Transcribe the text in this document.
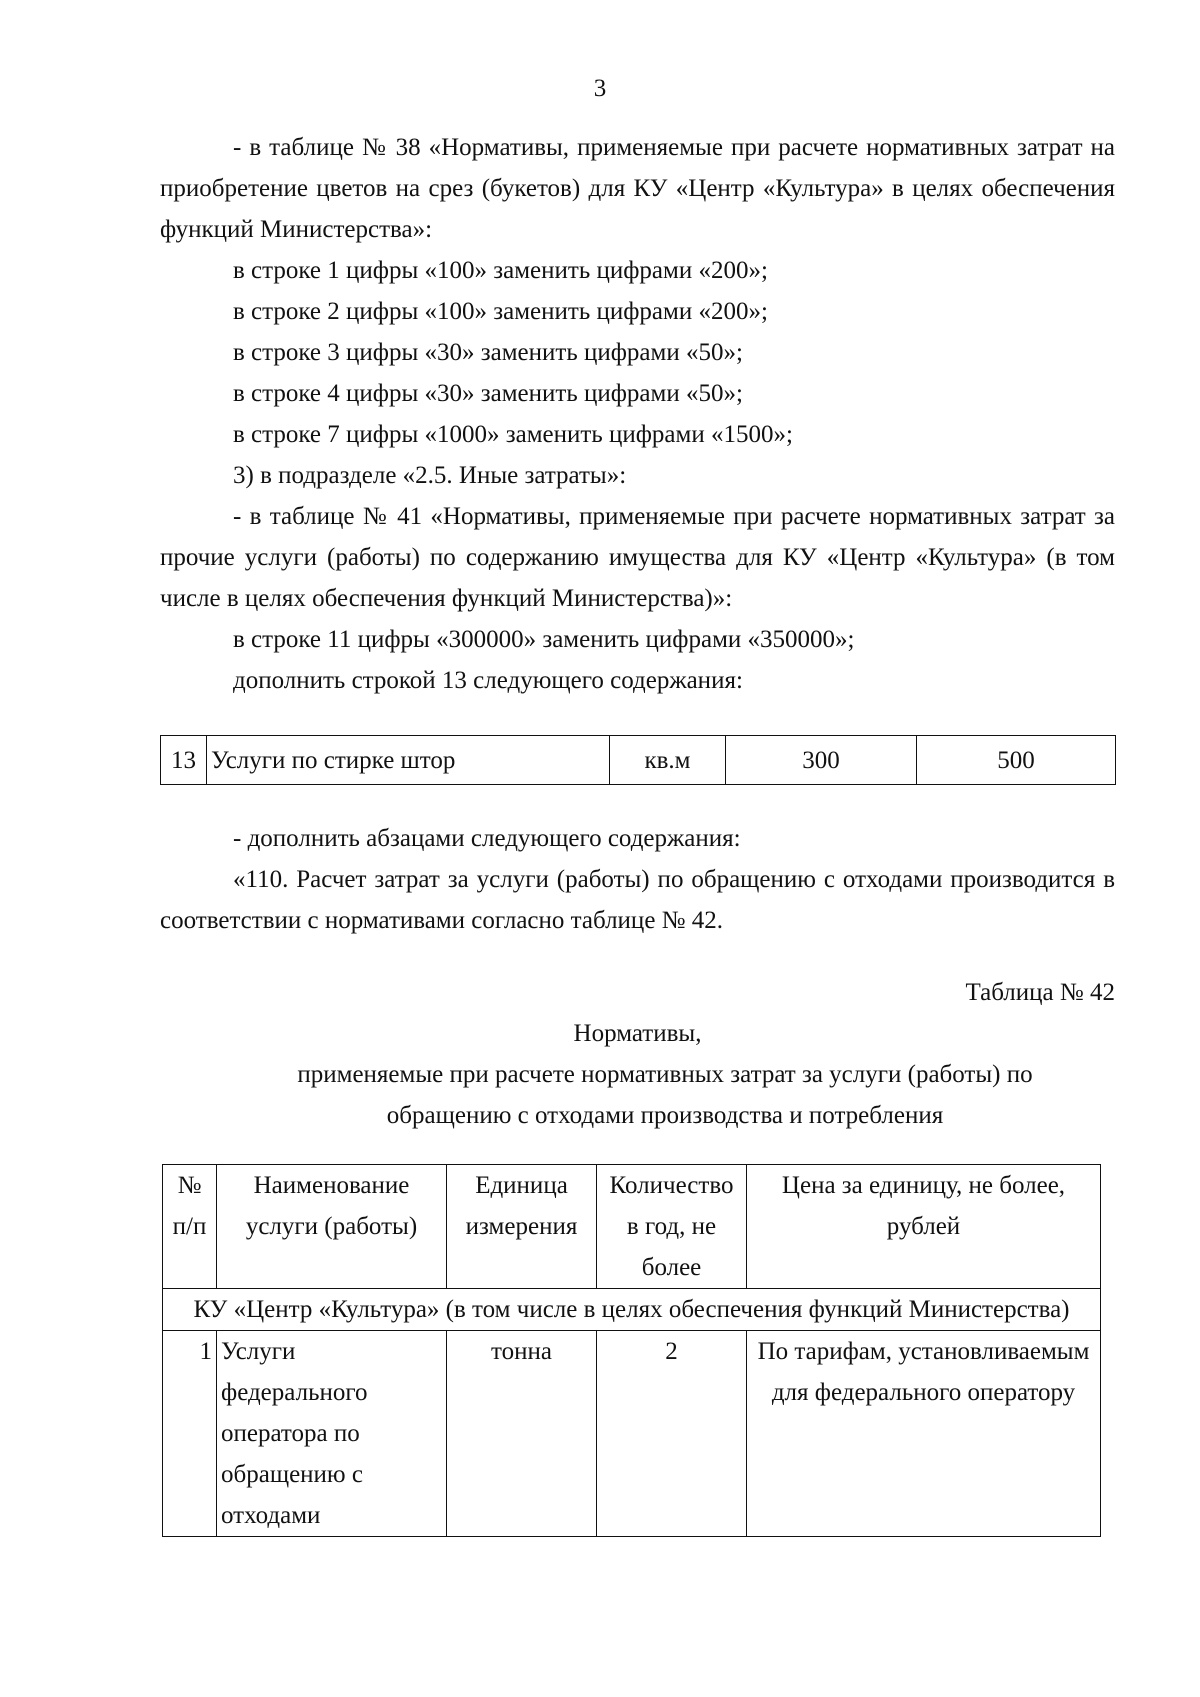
3

- в таблице № 38 «Нормативы, применяемые при расчете нормативных затрат на приобретение цветов на срез (букетов) для КУ «Центр «Культура» в целях обеспечения функций Министерства»:

в строке 1 цифры «100» заменить цифрами «200»;

в строке 2 цифры «100» заменить цифрами «200»;

в строке 3 цифры «30» заменить цифрами «50»;

в строке 4 цифры «30» заменить цифрами «50»;

в строке 7 цифры «1000» заменить цифрами «1500»;

3) в подразделе «2.5. Иные затраты»:

- в таблице № 41 «Нормативы, применяемые при расчете нормативных затрат за прочие услуги (работы) по содержанию имущества для КУ «Центр «Культура» (в том числе в целях обеспечения функций Министерства)»:

в строке 11 цифры «300000» заменить цифрами «350000»;

дополнить строкой 13 следующего содержания:

13	Услуги по стирке штор	кв.м	300	500

- дополнить абзацами следующего содержания:

«110. Расчет затрат за услуги (работы) по обращению с отходами производится в соответствии с нормативами согласно таблице № 42.

Таблица № 42
Нормативы,
применяемые при расчете нормативных затрат за услуги (работы) по обращению с отходами производства и потребления
№ п/п	Наименование услуги (работы)	Единица измерения	Количество в год, не более	Цена за единицу, не более, рублей
КУ «Центр «Культура» (в том числе в целях обеспечения функций Министерства)				
1	Услуги федерального оператора по обращению с отходами	тонна	2	По тарифам, установливаемым для федерального оператору
